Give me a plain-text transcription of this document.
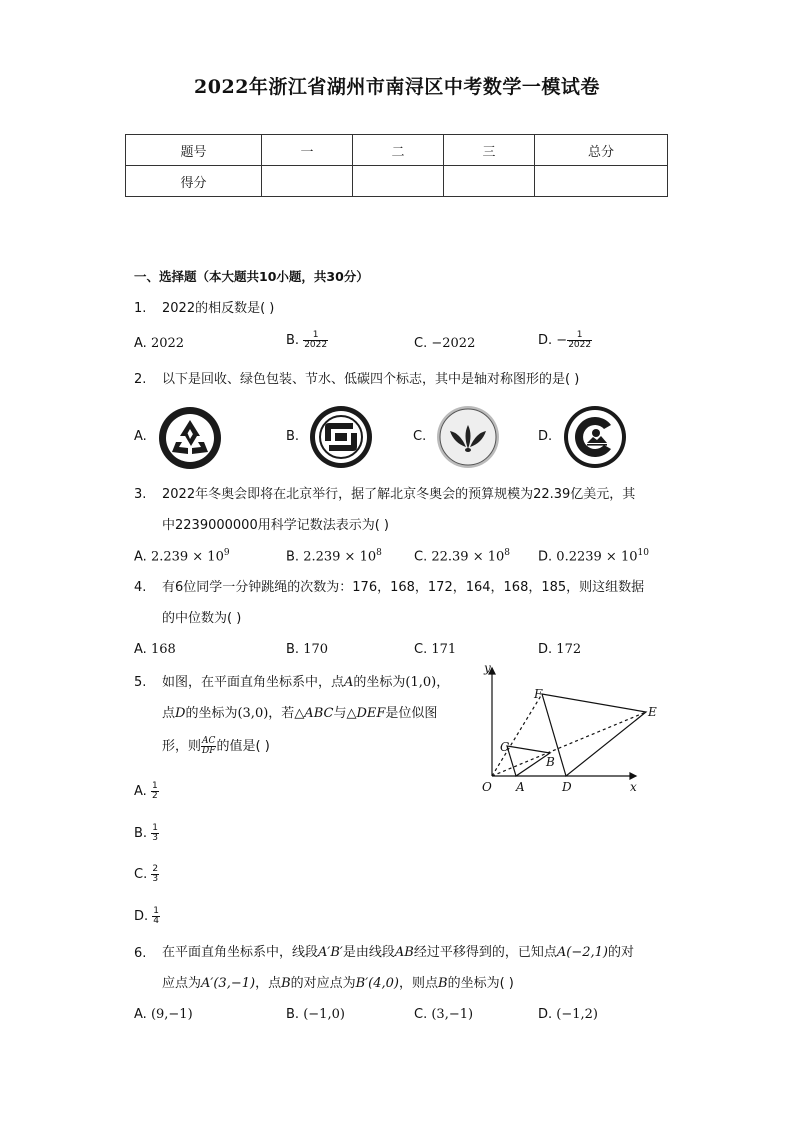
2022年浙江省湖州市南浔区中考数学一模试卷
题号	一	二	三	总分
得分				
一、选择题（本大题共10小题，共30分）
1. 2022的相反数是( )
A. 2022	B. $\frac{1}{2022}$	C. −2022	D. − $\frac{1}{2022}$
2. 以下是回收、绿色包装、节水、低碳四个标志，其中是轴对称图形的是( )
A.	B.	C.	D.
3. 2022年冬奥会即将在北京举行，据了解北京冬奥会的预算规模为22.39亿美元，其
中2239000000用科学记数法表示为( )
A. $2.239 \times 10^9$	B. $2.239 \times 10^8$ C. $22.39 \times 10^8$ D. $0.2239 \times 10^{10}$
4. 有6位同学一分钟跳绳的次数为：176，168，172，164，168，185，则这组数据
的中位数为( )
A. 168	B. 170	C. 171	D. 172
5. 如图，在平面直角坐标系中，点A的坐标为(1,0)，
点D的坐标为(3,0)，若△ABC与△DEF是位似图
形，则 $\frac{AC}{DF}$ 的值是( )
A. $\frac{1}{2}$
B. $\frac{1}{3}$
C. $\frac{2}{3}$
D. $\frac{1}{4}$
y
x
O A
B
C
D
E
F
6. 在平面直角坐标系中，线段A′B′是由线段AB经过平移得到的，已知点A(−2,1)的对
应点为A′(3,−1)，点B的对应点为B′(4,0)，则点B的坐标为( )
A. (9,−1)	B. (−1,0)	C. (3,−1)	D. (−1,2)
